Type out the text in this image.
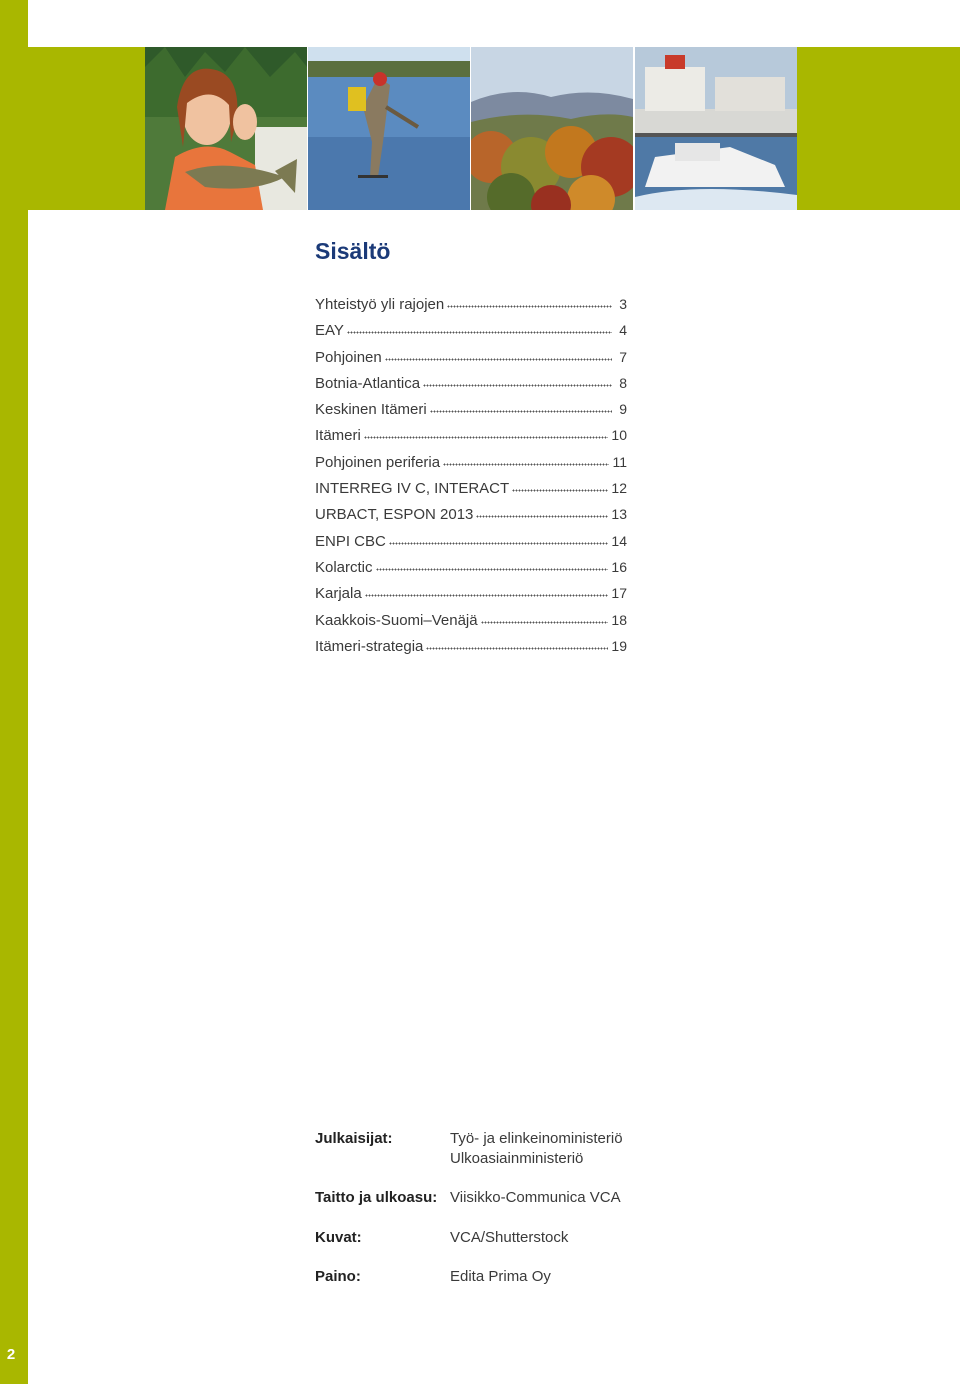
2
Sisältö
Yhteistyö yli rajojen	3
EAY	4
Pohjoinen	7
Botnia-Atlantica	8
Keskinen Itämeri	9
Itämeri	10
Pohjoinen periferia	11
INTERREG IV C, INTERACT	12
URBACT, ESPON 2013	13
ENPI CBC	14
Kolarctic	16
Karjala	17
Kaakkois-Suomi–Venäjä	18
Itämeri-strategia	19
Julkaisijat:	Työ- ja elinkeinoministeriö
Ulkoasiainministeriö
Taitto ja ulkoasu: Viisikko-Communica VCA
Kuvat:	VCA/Shutterstock
Paino:	Edita Prima Oy
